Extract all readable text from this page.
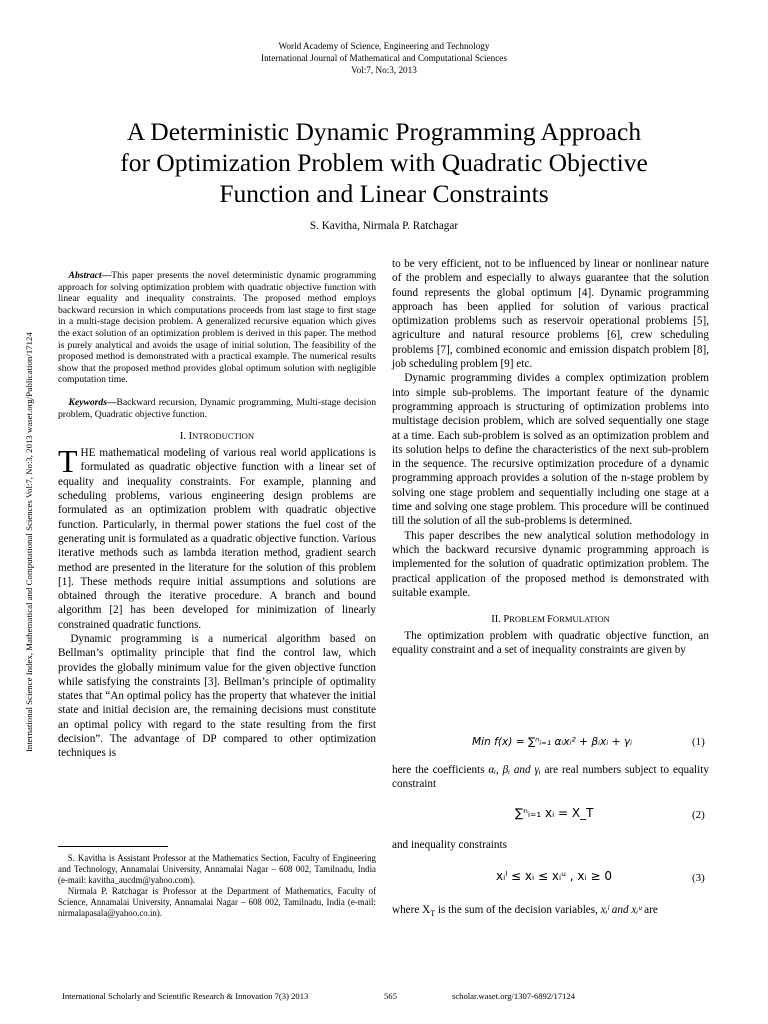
World Academy of Science, Engineering and Technology
International Journal of Mathematical and Computational Sciences
Vol:7, No:3, 2013
A Deterministic Dynamic Programming Approach
for Optimization Problem with Quadratic Objective
Function and Linear Constraints
S. Kavitha, Nirmala P. Ratchagar
International Science Index, Mathematical and Computational Sciences Vol:7, No:3, 2013 waset.org/Publication/17124

Abstract—This paper presents the novel deterministic dynamic programming approach for solving optimization problem with quadratic objective function with linear equality and inequality constraints. The proposed method employs backward recursion in which computations proceeds from last stage to first stage in a multi-stage decision problem. A generalized recursive equation which gives the exact solution of an optimization problem is derived in this paper. The method is purely analytical and avoids the usage of initial solution. The feasibility of the proposed method is demonstrated with a practical example. The numerical results show that the proposed method provides global optimum solution with negligible computation time.

Keywords—Backward recursion, Dynamic programming, Multi-stage decision problem, Quadratic objective function.

I. INTRODUCTION

THE mathematical modeling of various real world applications is formulated as quadratic objective function with a linear set of equality and inequality constraints. For example, planning and scheduling problems, various engineering design problems are formulated as an optimization problem with quadratic objective function. Particularly, in thermal power stations the fuel cost of the generating unit is formulated as a quadratic objective function. Various iterative methods such as lambda iteration method, gradient search method are presented in the literature for the solution of this problem [1]. These methods require initial assumptions and solutions are obtained through the iterative procedure. A branch and bound algorithm [2] has been developed for minimization of linearly constrained quadratic functions.

Dynamic programming is a numerical algorithm based on Bellman’s optimality principle that find the control law, which provides the globally minimum value for the given objective function while satisfying the constraints [3]. Bellman’s principle of optimality states that “An optimal policy has the property that whatever the initial state and initial decision are, the remaining decisions must constitute an optimal policy with regard to the state resulting from the first decision”. The advantage of DP compared to other optimization techniques is

S. Kavitha is Assistant Professor at the Mathematics Section, Faculty of Engineering and Technology, Annamalai University, Annamalai Nagar – 608 002, Tamilnadu, India (e-mail: kavitha_aucdm@yahoo.com).

Nirmala P. Ratchagar is Professor at the Department of Mathematics, Faculty of Science, Annamalai University, Annamalai Nagar – 608 002, Tamilnadu, India (e-mail: nirmalapasala@yahoo.co.in).

to be very efficient, not to be influenced by linear or nonlinear nature of the problem and especially to always guarantee that the solution found represents the global optimum [4]. Dynamic programming approach has been applied for solution of various practical optimization problems such as reservoir operational problems [5], agriculture and natural resource problems [6], crew scheduling problems [7], combined economic and emission dispatch problem [8], job scheduling problem [9] etc.

Dynamic programming divides a complex optimization problem into simple sub-problems. The important feature of the dynamic programming approach is structuring of optimization problems into multistage decision problem, which are solved sequentially one stage at a time. Each sub-problem is solved as an optimization problem and its solution helps to define the characteristics of the next sub-problem in the sequence. The recursive optimization procedure of a dynamic programming approach provides a solution of the n-stage problem by solving one stage problem and sequentially including one stage at a time and solving one stage problem. This procedure will be continued till the solution of all the sub-problems is determined.

This paper describes the new analytical solution methodology in which the backward recursive dynamic programming approach is implemented for the solution of quadratic optimization problem. The practical application of the proposed method is demonstrated with suitable example.

II. PROBLEM FORMULATION

The optimization problem with quadratic objective function, an equality constraint and a set of inequality constraints are given by

Min f(x) = ∑ⁿᵢ₌₁ αᵢxᵢ² + βᵢxᵢ + γᵢ	(1)
here the coefficients αᵢ, βᵢ and γᵢ are real numbers subject to equality constraint
∑ⁿᵢ₌₁ xᵢ = X_T	(2)
and inequality constraints
xᵢˡ ≤ xᵢ ≤ xᵢᵘ , xᵢ ≥ 0	(3)
where $X_T$ is the sum of the decision variables, xᵢˡ and xᵢᵘ are
International Scholarly and Scientific Research & Innovation 7(3) 2013	565	scholar.waset.org/1307-6892/17124
